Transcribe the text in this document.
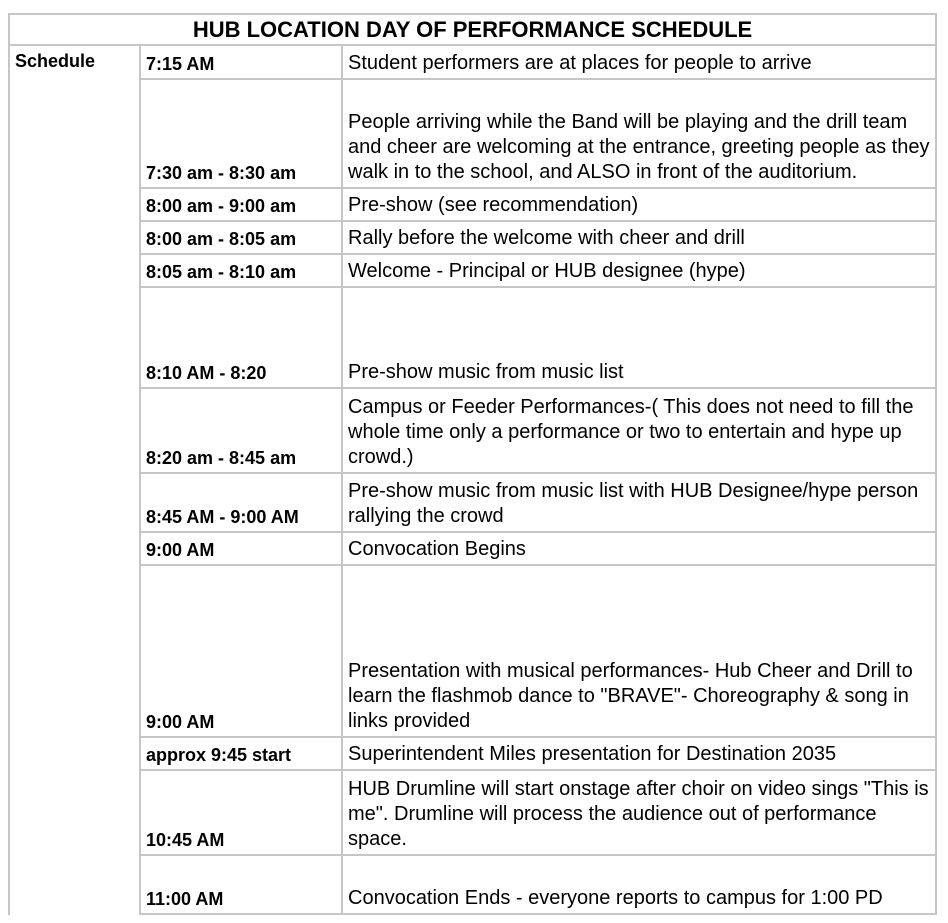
HUB LOCATION DAY OF PERFORMANCE SCHEDULE		
Schedule	7:15 AM	Student performers are at places for people to arrive
	7:30 am - 8:30 am	People arriving while the Band will be playing and the drill team and cheer are welcoming at the entrance, greeting people as they walk in to the school, and ALSO in front of the auditorium.
	8:00 am - 9:00 am	Pre-show (see recommendation)
	8:00 am - 8:05 am	Rally before the welcome with cheer and drill
	8:05 am - 8:10 am	Welcome - Principal or HUB designee (hype)
	8:10 AM - 8:20	Pre-show music from music list
	8:20 am - 8:45 am	Campus or Feeder Performances-( This does not need to fill the whole time only a performance or two to entertain and hype up crowd.)
	8:45 AM - 9:00 AM	Pre-show music from music list with HUB Designee/hype person rallying the crowd
	9:00 AM	Convocation Begins
	9:00 AM	Presentation with musical performances- Hub Cheer and Drill to learn the flashmob dance to "BRAVE"- Choreography & song in links provided
	approx 9:45 start	Superintendent Miles presentation for Destination 2035
	10:45 AM	HUB Drumline will start onstage after choir on video sings "This is me". Drumline will process the audience out of performance space.
	11:00 AM	Convocation Ends - everyone reports to campus for 1:00 PD
